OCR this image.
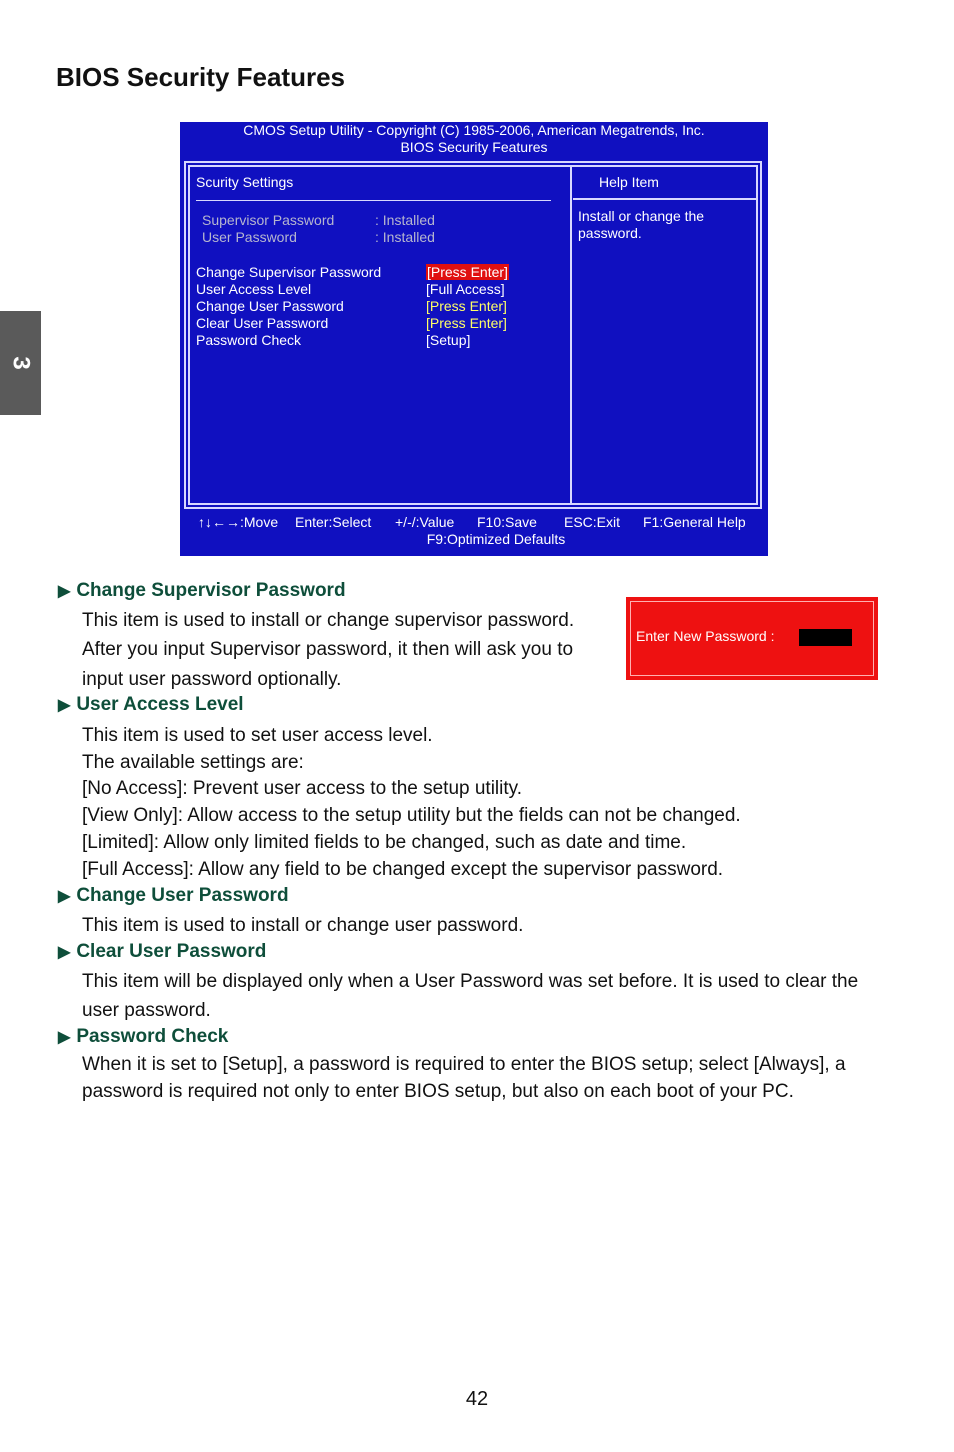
BIOS Security Features
3
CMOS Setup Utility - Copyright (C) 1985-2006, American Megatrends, Inc.
BIOS Security Features
Scurity Settings
Supervisor Password	: Installed
User Password	: Installed
Change Supervisor Password	[Press Enter]
User Access Level	[Full Access]
Change User Password	[Press Enter]
Clear User Password	[Press Enter]
Password Check	[Setup]
Help Item
Install or change the password.
↑↓←→:Move Enter:Select +/-/:Value F10:Save ESC:Exit F1:General Help
F9:Optimized Defaults
Enter New Password :
▶ Change Supervisor Password
This item is used to install or change supervisor password.
After you input Supervisor password, it then will ask you to
input user password optionally.
▶ User Access Level
This item is used to set user access level.
The available settings are:
[No Access]: Prevent user access to the setup utility.
[View Only]: Allow access to the setup utility but the fields can not be changed.
[Limited]: Allow only limited fields to be changed, such as date and time.
[Full Access]: Allow any field to be changed except the supervisor password.
▶ Change User Password
This item is used to install or change user password.
▶ Clear User Password
This item will be displayed only when a User Password was set before. It is used to clear the
user password.
▶ Password Check
When it is set to [Setup], a password is required to enter the BIOS setup; select [Always], a
password is required not only to enter BIOS setup, but also on each boot of your PC.
42
